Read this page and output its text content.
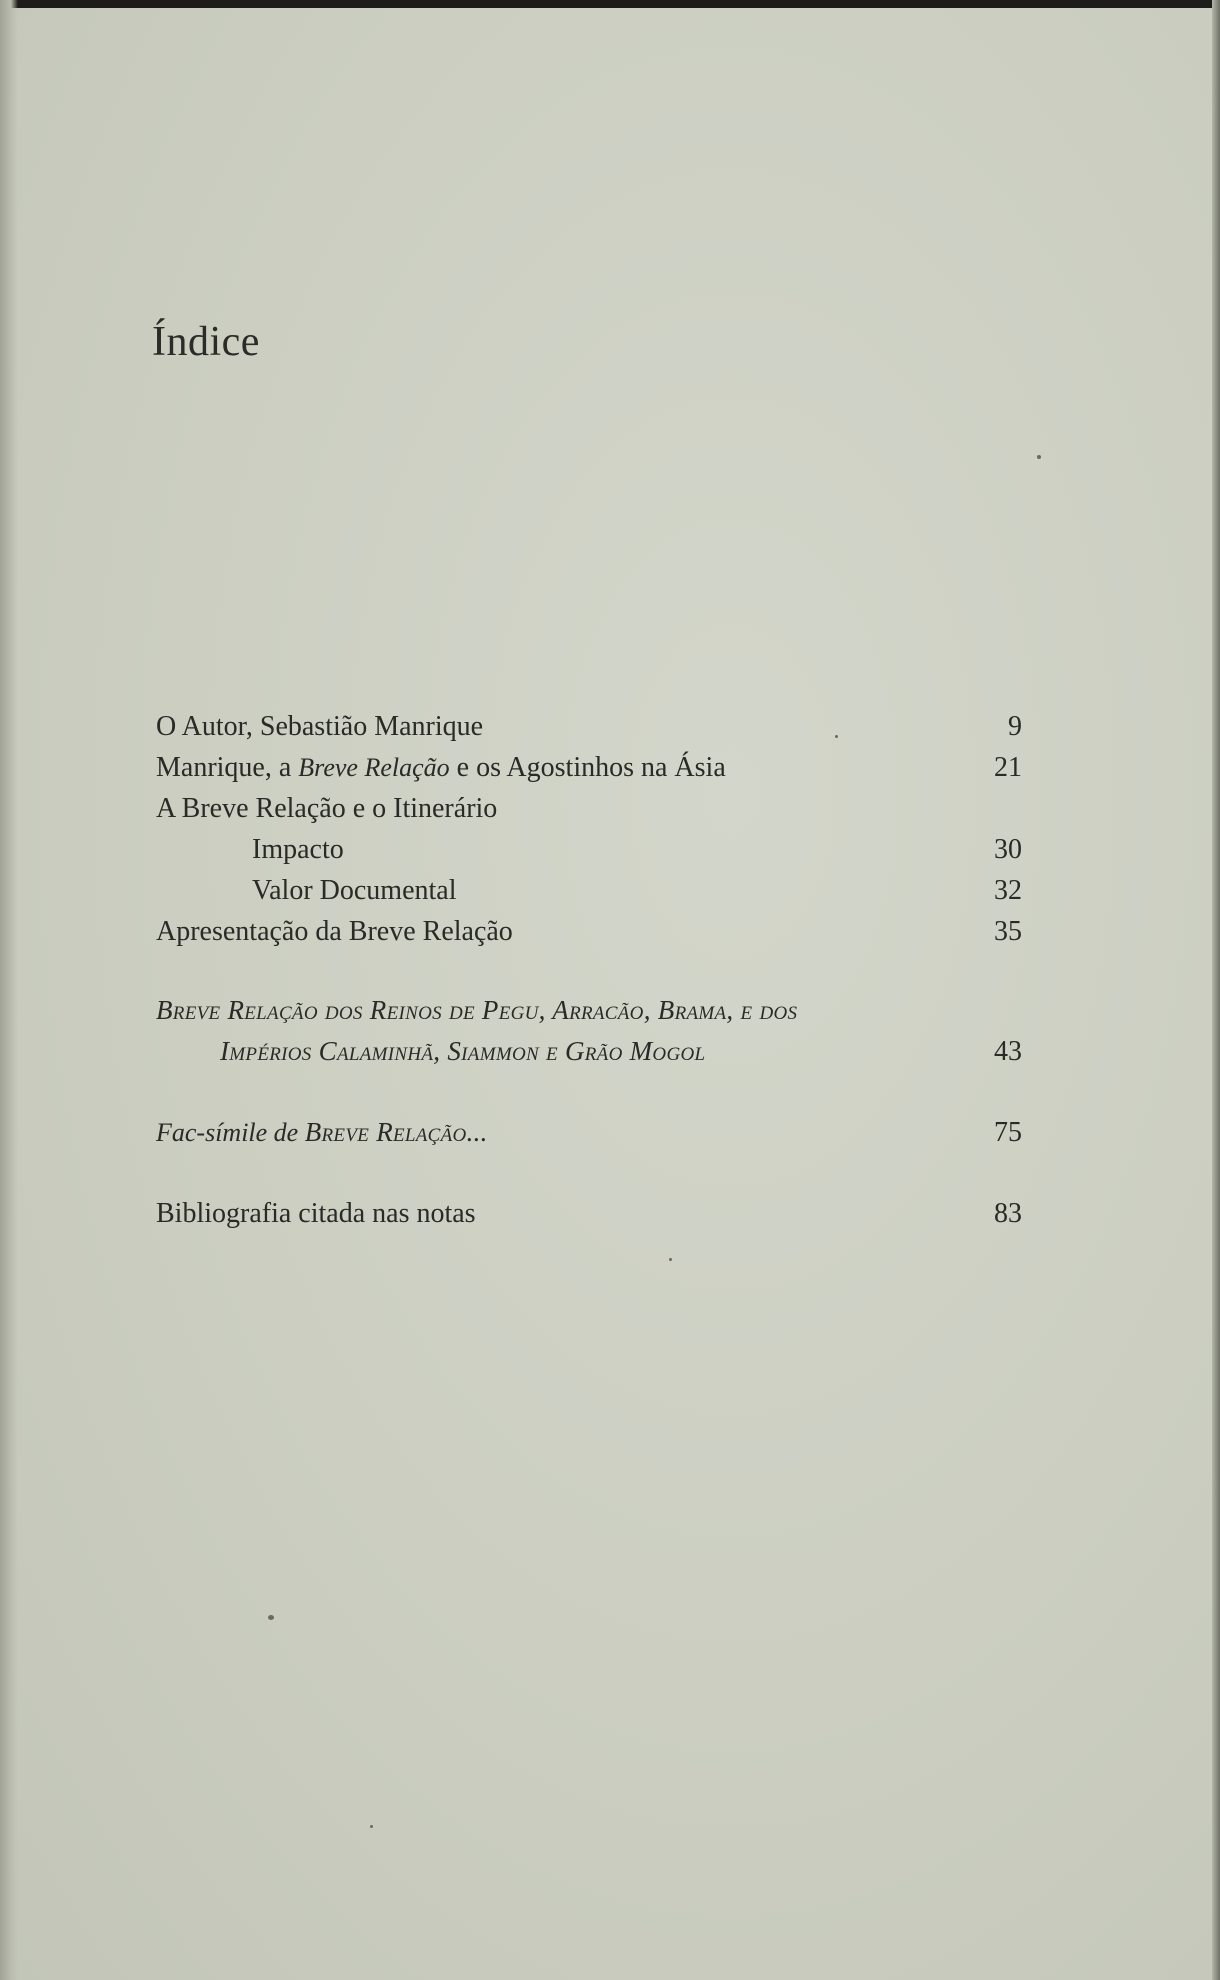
Índice
O Autor, Sebastião Manrique	9
Manrique, a Breve Relação e os Agostinhos na Ásia	21
A Breve Relação e o Itinerário
Impacto	30
Valor Documental	32
Apresentação da Breve Relação	35
Breve Relação dos Reinos de Pegu, Arracão, Brama, e dos
Impérios Calaminhã, Siammon e Grão Mogol	43
Fac-símile de Breve Relação...	75
Bibliografia citada nas notas	83
